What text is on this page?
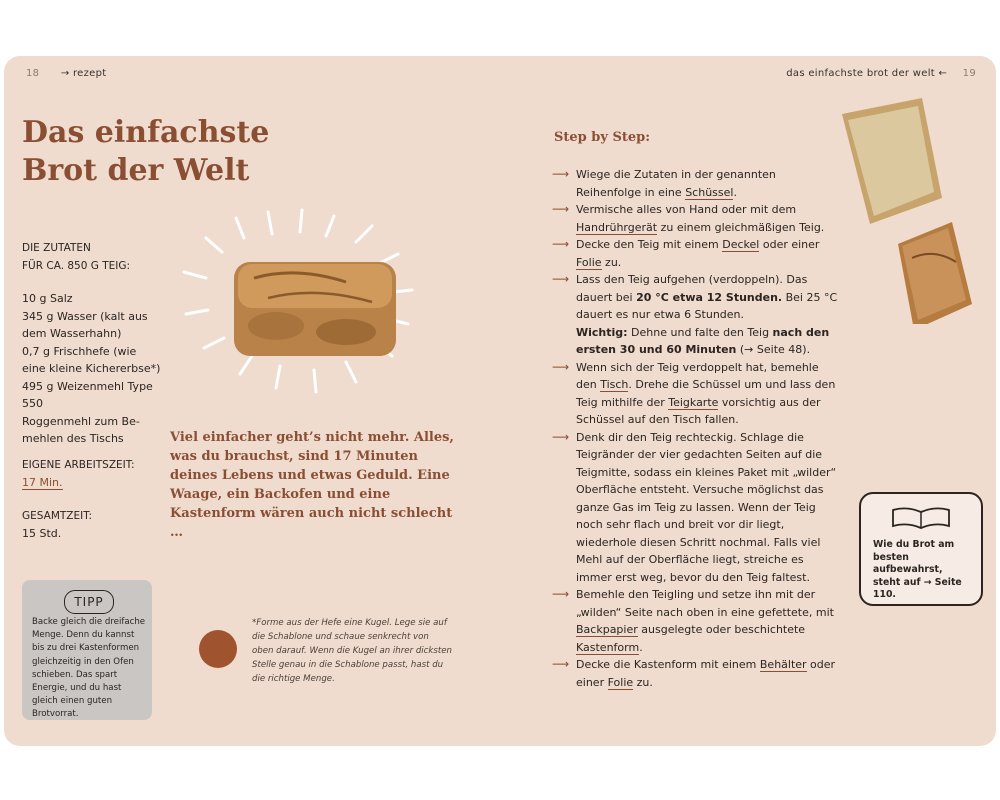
18 → rezept	das einfachste brot der welt ← 19
Das einfachste
Brot der Welt
DIE ZUTATEN
FÜR CA. 850 G TEIG:
10 g Salz
345 g Wasser (kalt aus
dem Wasserhahn)
0,7 g Frischhefe (wie
eine kleine Kichererbse*)
495 g Weizenmehl Type 550
Roggenmehl zum Be-
mehlen des Tischs
EIGENE ARBEITSZEIT:
17 Min.
GESAMTZEIT:
15 Std.
Viel einfacher geht’s nicht mehr. Alles, was du brauchst, sind 17 Minuten deines Lebens und etwas Geduld. Eine Waage, ein Backofen und eine Kastenform wären auch nicht schlecht …
TIPP
Backe gleich die dreifache Menge. Denn du kannst bis zu drei Kastenformen gleichzeitig in den Ofen schieben. Das spart Energie, und du hast gleich einen guten Brotvorrat.
*Forme aus der Hefe eine Kugel. Lege sie auf die Schablone und schaue senkrecht von oben darauf. Wenn die Kugel an ihrer dicksten Stelle genau in die Schablone passt, hast du die richtige Menge.
Step by Step:
⟶ Wiege die Zutaten in der genannten Reihenfolge in eine Schüssel.
⟶ Vermische alles von Hand oder mit dem Handrührgerät zu einem gleichmäßigen Teig.
⟶ Decke den Teig mit einem Deckel oder einer Folie zu.
⟶ Lass den Teig aufgehen (verdoppeln). Das dauert bei 20 °C etwa 12 Stunden. Bei 25 °C dauert es nur etwa 6 Stunden.
Wichtig: Dehne und falte den Teig nach den ersten 30 und 60 Minuten (→ Seite 48).
⟶ Wenn sich der Teig verdoppelt hat, bemehle den Tisch. Drehe die Schüssel um und lass den Teig mithilfe der Teigkarte vorsichtig aus der Schüssel auf den Tisch fallen.
⟶ Denk dir den Teig rechteckig. Schlage die Teigränder der vier gedachten Seiten auf die Teigmitte, sodass ein kleines Paket mit „wilder“ Oberfläche entsteht. Versuche möglichst das ganze Gas im Teig zu lassen. Wenn der Teig noch sehr flach und breit vor dir liegt, wiederhole diesen Schritt nochmal. Falls viel Mehl auf der Oberfläche liegt, streiche es immer erst weg, bevor du den Teig faltest.
⟶ Bemehle den Teigling und setze ihn mit der „wilden“ Seite nach oben in eine gefettete, mit Backpapier ausgelegte oder beschichtete Kastenform.
⟶ Decke die Kastenform mit einem Behälter oder einer Folie zu.
Wie du Brot am besten aufbewahrst, steht auf → Seite 110.
